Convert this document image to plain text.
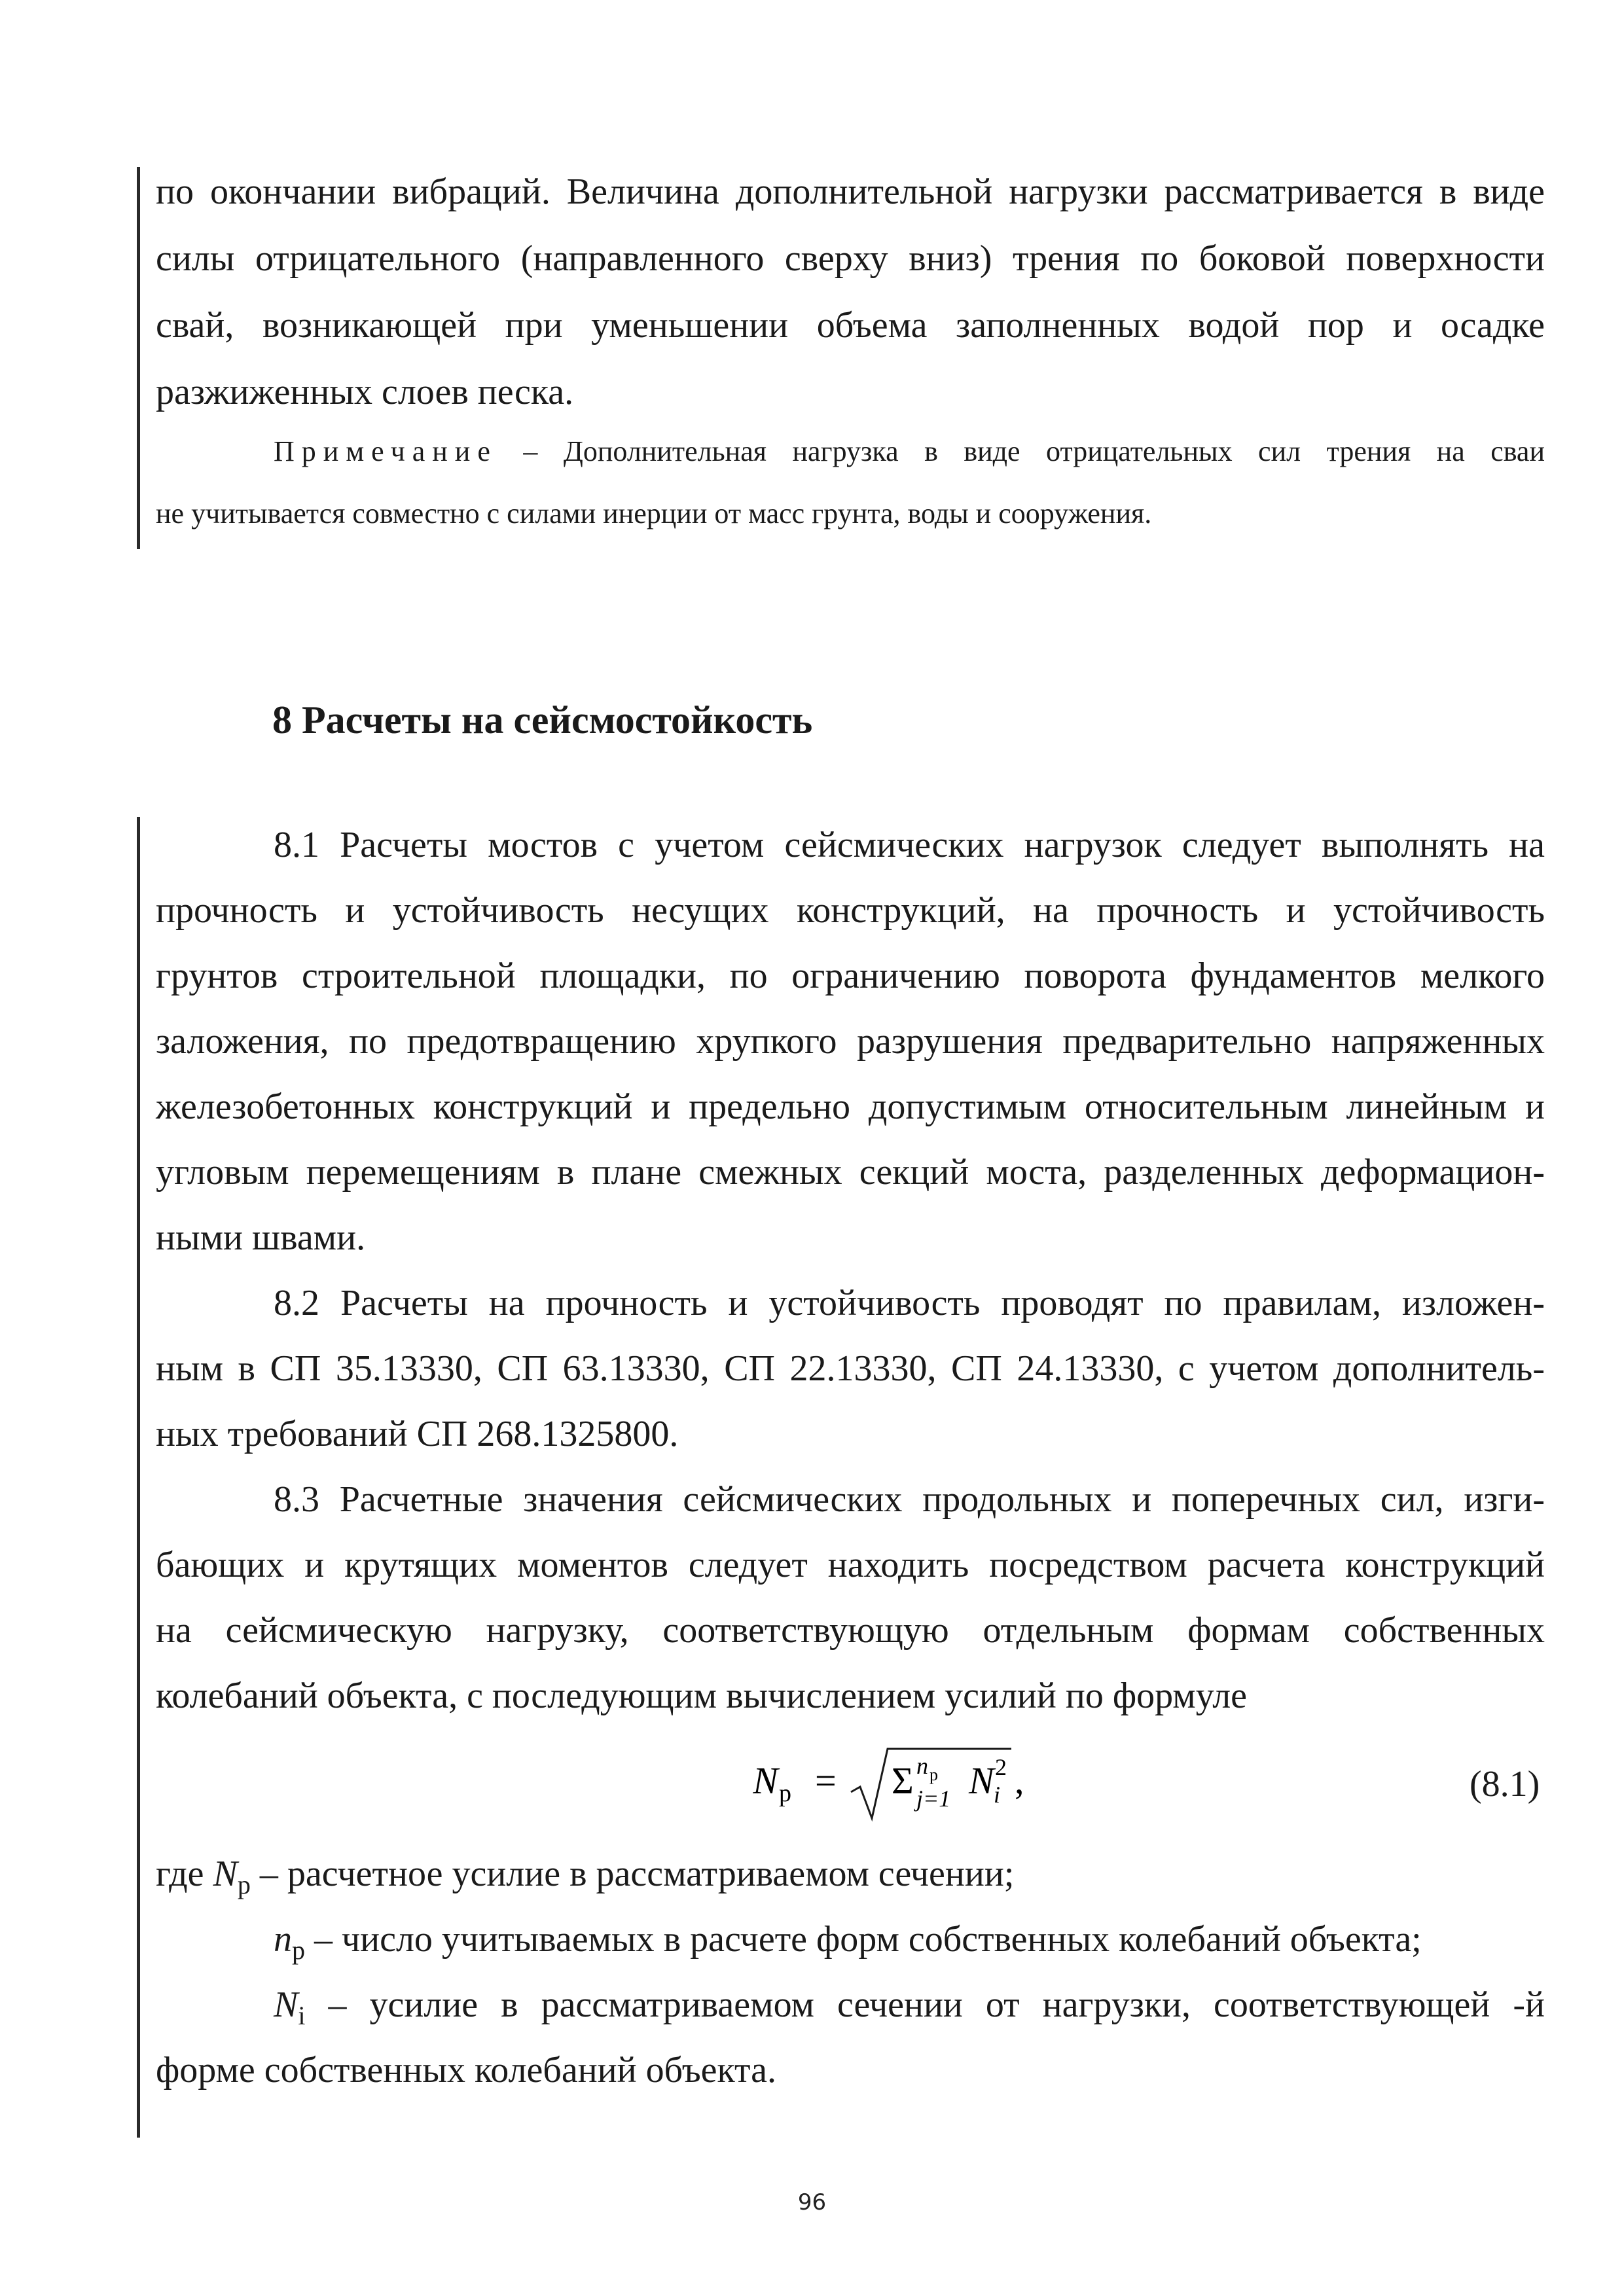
по окончании вибраций. Величина дополнительной нагрузки рассматривается в виде
силы отрицательного (направленного сверху вниз) трения по боковой поверхности
свай, возникающей при уменьшении объема заполненных водой пор и осадке
разжиженных слоев песка.
Примечание – Дополнительная нагрузка в виде отрицательных сил трения на сваи
не учитывается совместно с силами инерции от масс грунта, воды и сооружения.
8 Расчеты на сейсмостойкость
8.1 Расчеты мостов с учетом сейсмических нагрузок следует выполнять на
прочность и устойчивость несущих конструкций, на прочность и устойчивость
грунтов строительной площадки, по ограничению поворота фундаментов мелкого
заложения, по предотвращению хрупкого разрушения предварительно напряженных
железобетонных конструкций и предельно допустимым относительным линейным и
угловым перемещениям в плане смежных секций моста, разделенных деформацион-
ными швами.
8.2 Расчеты на прочность и устойчивость проводят по правилам, изложен-
ным в СП 35.13330, СП 63.13330, СП 22.13330, СП 24.13330, с учетом дополнитель-
ных требований СП 268.1325800.
8.3 Расчетные значения сейсмических продольных и поперечных сил, изги-
бающих и крутящих моментов следует находить посредством расчета конструкций
на сейсмическую нагрузку, соответствующую отдельным формам собственных
колебаний объекта, с последующим вычислением усилий по формуле
N р = Σ n р
j=1 N i
2 ,	(8.1)
где $N_р$ – расчетное усилие в рассматриваемом сечении;
$n_р$ – число учитываемых в расчете форм собственных колебаний объекта;
$N_i$ – усилие в рассматриваемом сечении от нагрузки, соответствующей -й
форме собственных колебаний объекта.
96
